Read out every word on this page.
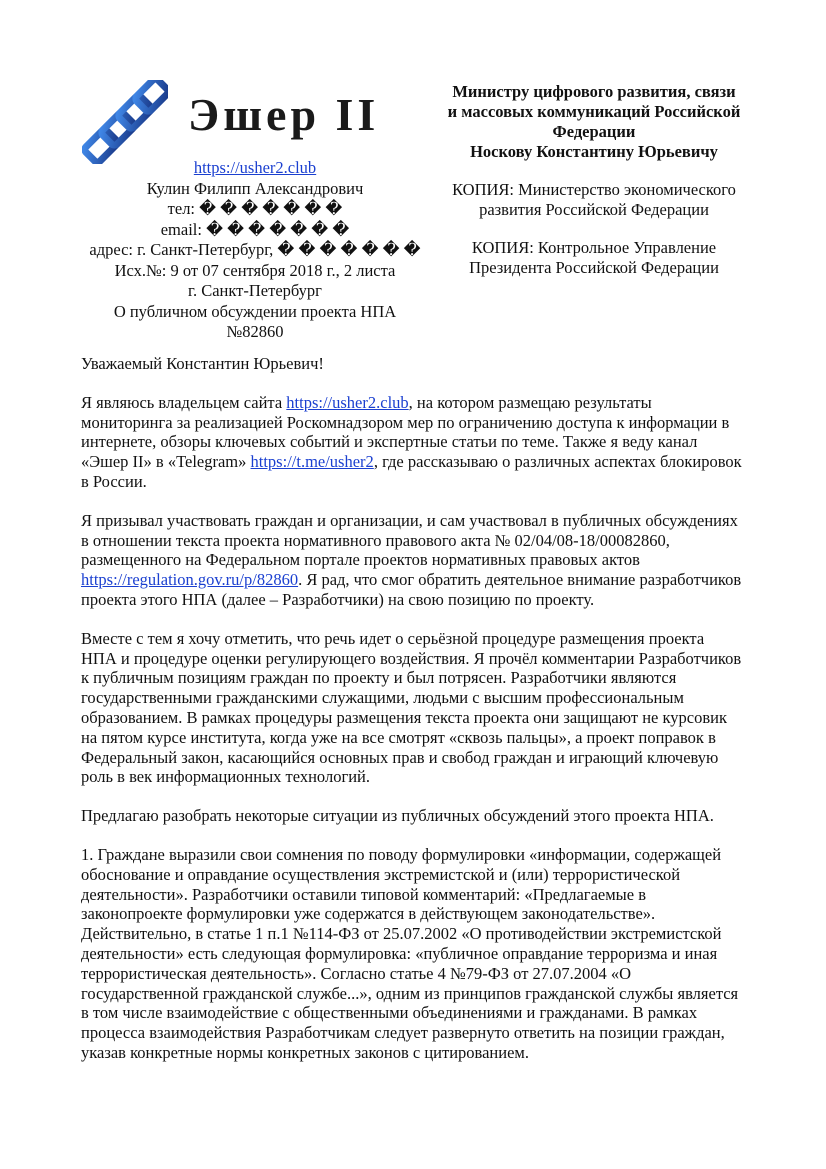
Эшер II
https://usher2.club
Кулин Филипп Александрович
тел: � � � � � � �
email: � � � � � � �
адрес: г. Санкт-Петербург, � � � � � � �
Исх.№: 9 от 07 сентября 2018 г., 2 листа
г. Санкт-Петербург
О публичном обсуждении проекта НПА
№82860
Министру цифрового развития, связи
и массовых коммуникаций Российской
Федерации
Носкову Константину Юрьевичу
КОПИЯ: Министерство экономического
развития Российской Федерации
КОПИЯ: Контрольное Управление
Президента Российской Федерации

Уважаемый Константин Юрьевич!

Я являюсь владельцем сайта https://usher2.club, на котором размещаю результаты
мониторинга за реализацией Роскомнадзором мер по ограничению доступа к информации в
интернете, обзоры ключевых событий и экспертные статьи по теме. Также я веду канал
«Эшер II» в «Telegram» https://t.me/usher2, где рассказываю о различных аспектах блокировок
в России.

Я призывал участвовать граждан и организации, и сам участвовал в публичных обсуждениях
в отношении текста проекта нормативного правового акта № 02/04/08-18/00082860,
размещенного на Федеральном портале проектов нормативных правовых актов
https://regulation.gov.ru/p/82860. Я рад, что смог обратить деятельное внимание разработчиков
проекта этого НПА (далее – Разработчики) на свою позицию по проекту.

Вместе с тем я хочу отметить, что речь идет о серьёзной процедуре размещения проекта
НПА и процедуре оценки регулирующего воздействия. Я прочёл комментарии Разработчиков
к публичным позициям граждан по проекту и был потрясен. Разработчики являются
государственными гражданскими служащими, людьми с высшим профессиональным
образованием. В рамках процедуры размещения текста проекта они защищают не курсовик
на пятом курсе института, когда уже на все смотрят «сквозь пальцы», а проект поправок в
Федеральный закон, касающийся основных прав и свобод граждан и играющий ключевую
роль в век информационных технологий.

Предлагаю разобрать некоторые ситуации из публичных обсуждений этого проекта НПА.

1. Граждане выразили свои сомнения по поводу формулировки «информации, содержащей
обоснование и оправдание осуществления экстремистской и (или) террористической
деятельности». Разработчики оставили типовой комментарий: «Предлагаемые в
законопроекте формулировки уже содержатся в действующем законодательстве».
Действительно, в статье 1 п.1 №114-ФЗ от 25.07.2002 «О противодействии экстремистской
деятельности» есть следующая формулировка: «публичное оправдание терроризма и иная
террористическая деятельность». Согласно статье 4 №79-ФЗ от 27.07.2004 «О
государственной гражданской службе...», одним из принципов гражданской службы является
в том числе взаимодействие с общественными объединениями и гражданами. В рамках
процесса взаимодействия Разработчикам следует развернуто ответить на позиции граждан,
указав конкретные нормы конкретных законов с цитированием.
